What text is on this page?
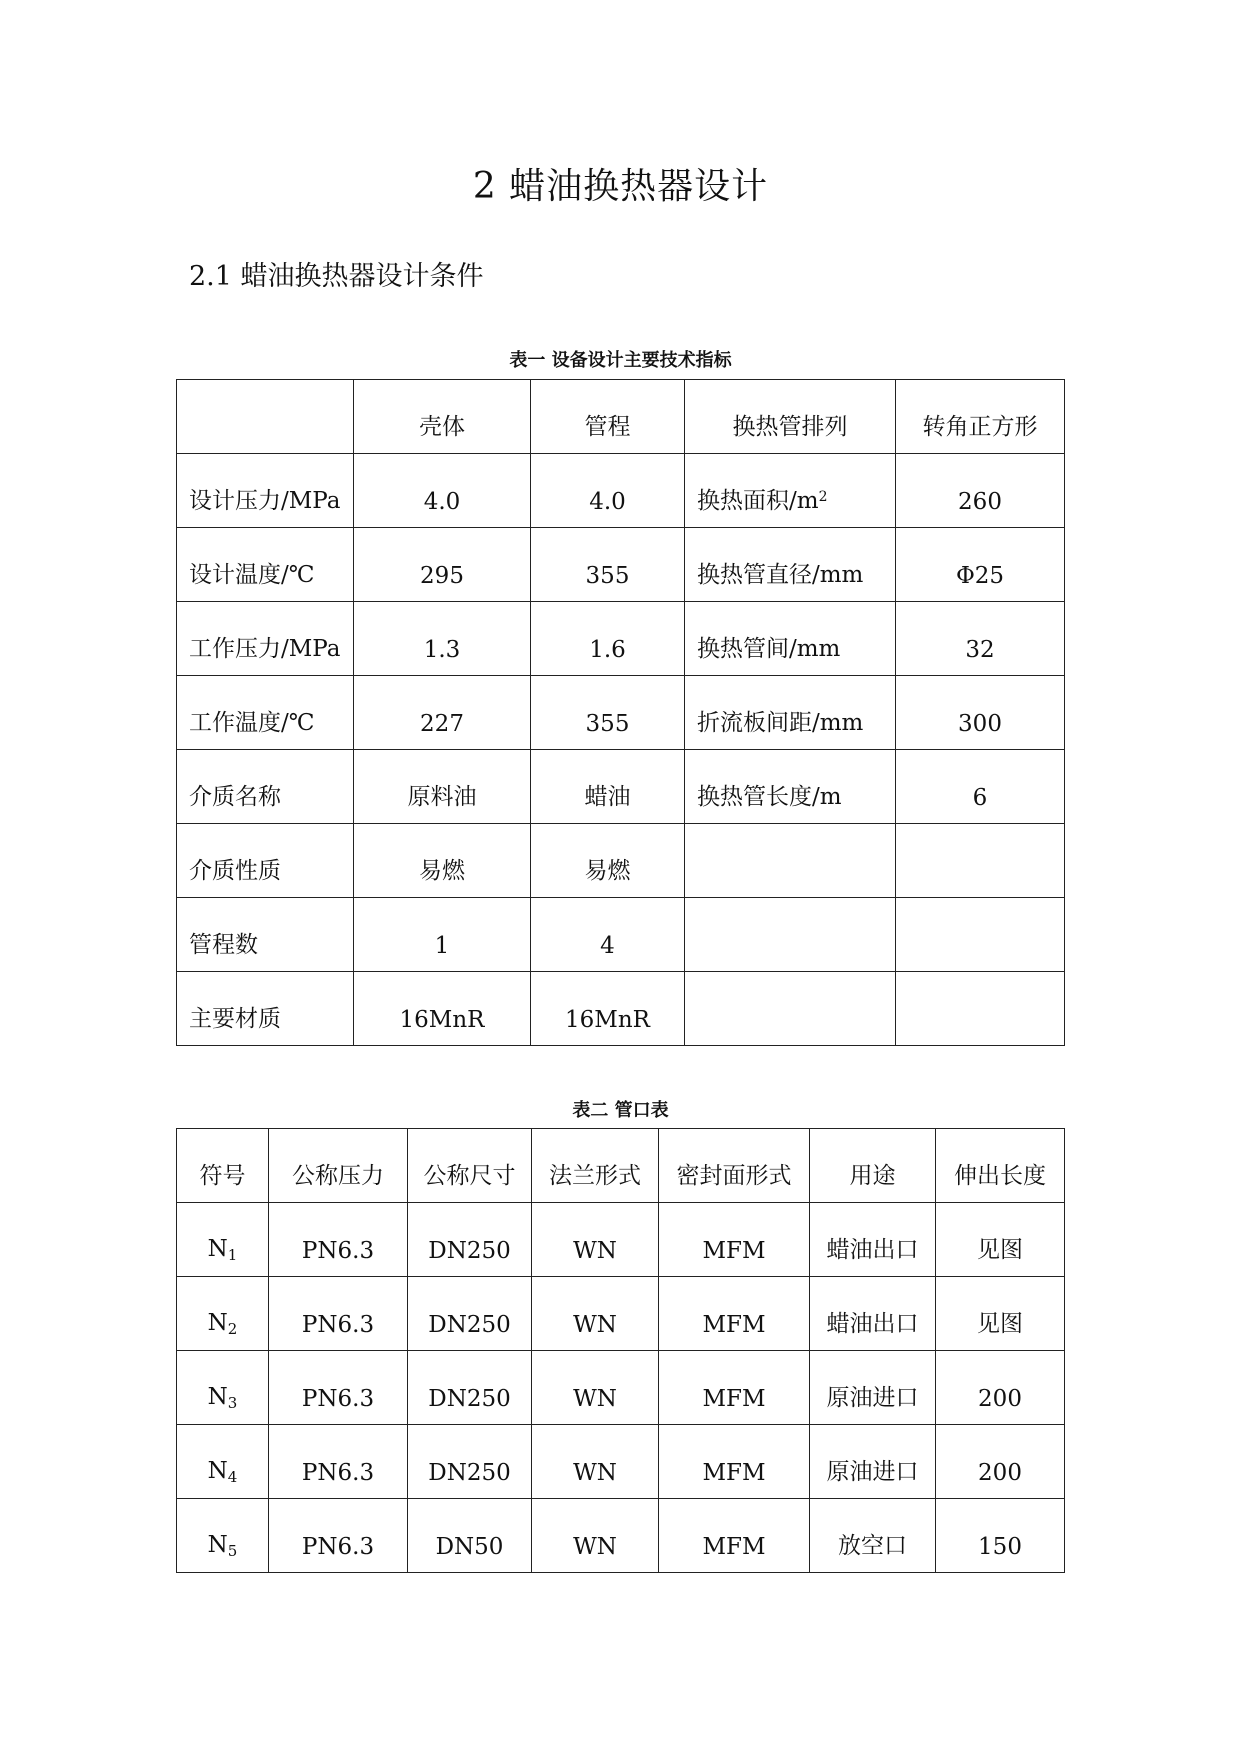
2 蜡油换热器设计
2.1 蜡油换热器设计条件
表一 设备设计主要技术指标
	壳体	管程	换热管排列	转角正方形
设计压力/MPa	4.0	4.0	换热面积$/m^2$	260
设计温度/℃	295	355	换热管直径/mm	Φ25
工作压力/MPa	1.3	1.6	换热管间/mm	32
工作温度/℃	227	355	折流板间距/mm	300
介质名称	原料油	蜡油	换热管长度/m	6
介质性质	易燃	易燃		
管程数	1	4		
主要材质	16MnR	16MnR		
表二 管口表
符号	公称压力	公称尺寸	法兰形式	密封面形式	用途	伸出长度
$N_1$	PN6.3	DN250	WN	MFM	蜡油出口	见图
$N_2$	PN6.3	DN250	WN	MFM	蜡油出口	见图
$N_3$	PN6.3	DN250	WN	MFM	原油进口	200
$N_4$	PN6.3	DN250	WN	MFM	原油进口	200
$N_5$	PN6.3	DN50	WN	MFM	放空口	150
